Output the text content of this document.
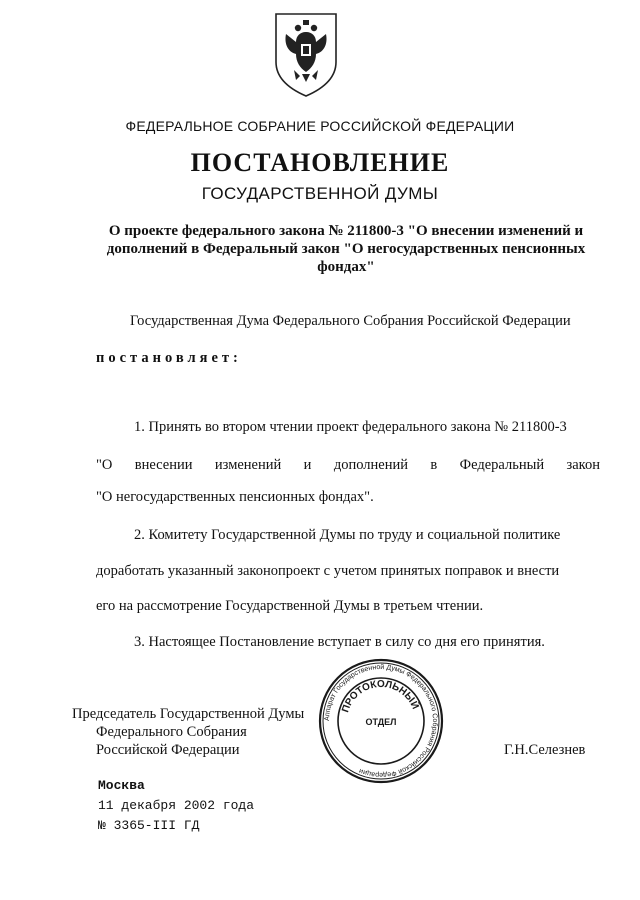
ФЕДЕРАЛЬНОЕ СОБРАНИЕ РОССИЙСКОЙ ФЕДЕРАЦИИ
ПОСТАНОВЛЕНИЕ
ГОСУДАРСТВЕННОЙ ДУМЫ
О проекте федерального закона № 211800-3 "О внесении изменений и дополнений в Федеральный закон "О негосударственных пенсионных фондах"
Государственная Дума Федерального Собрания Российской Федерации
постановляет:
1. Принять во втором чтении проект федерального закона № 211800-3
"О внесении изменений и дополнений в Федеральный закон
"О негосударственных пенсионных фондах".
2. Комитету Государственной Думы по труду и социальной политике
доработать указанный законопроект с учетом принятых поправок и внести
его на рассмотрение Государственной Думы в третьем чтении.
3. Настоящее Постановление вступает в силу со дня его принятия.
Председатель Государственной Думы
Федерального Собрания
Российской Федерации	Г.Н.Селезнев
Аппарат Государственной Думы Федерального Собрания Российской Федерации
ПРОТОКОЛЬНЫЙ
ОТДЕЛ
Москва
11 декабря 2002 года
№ 3365-III ГД
